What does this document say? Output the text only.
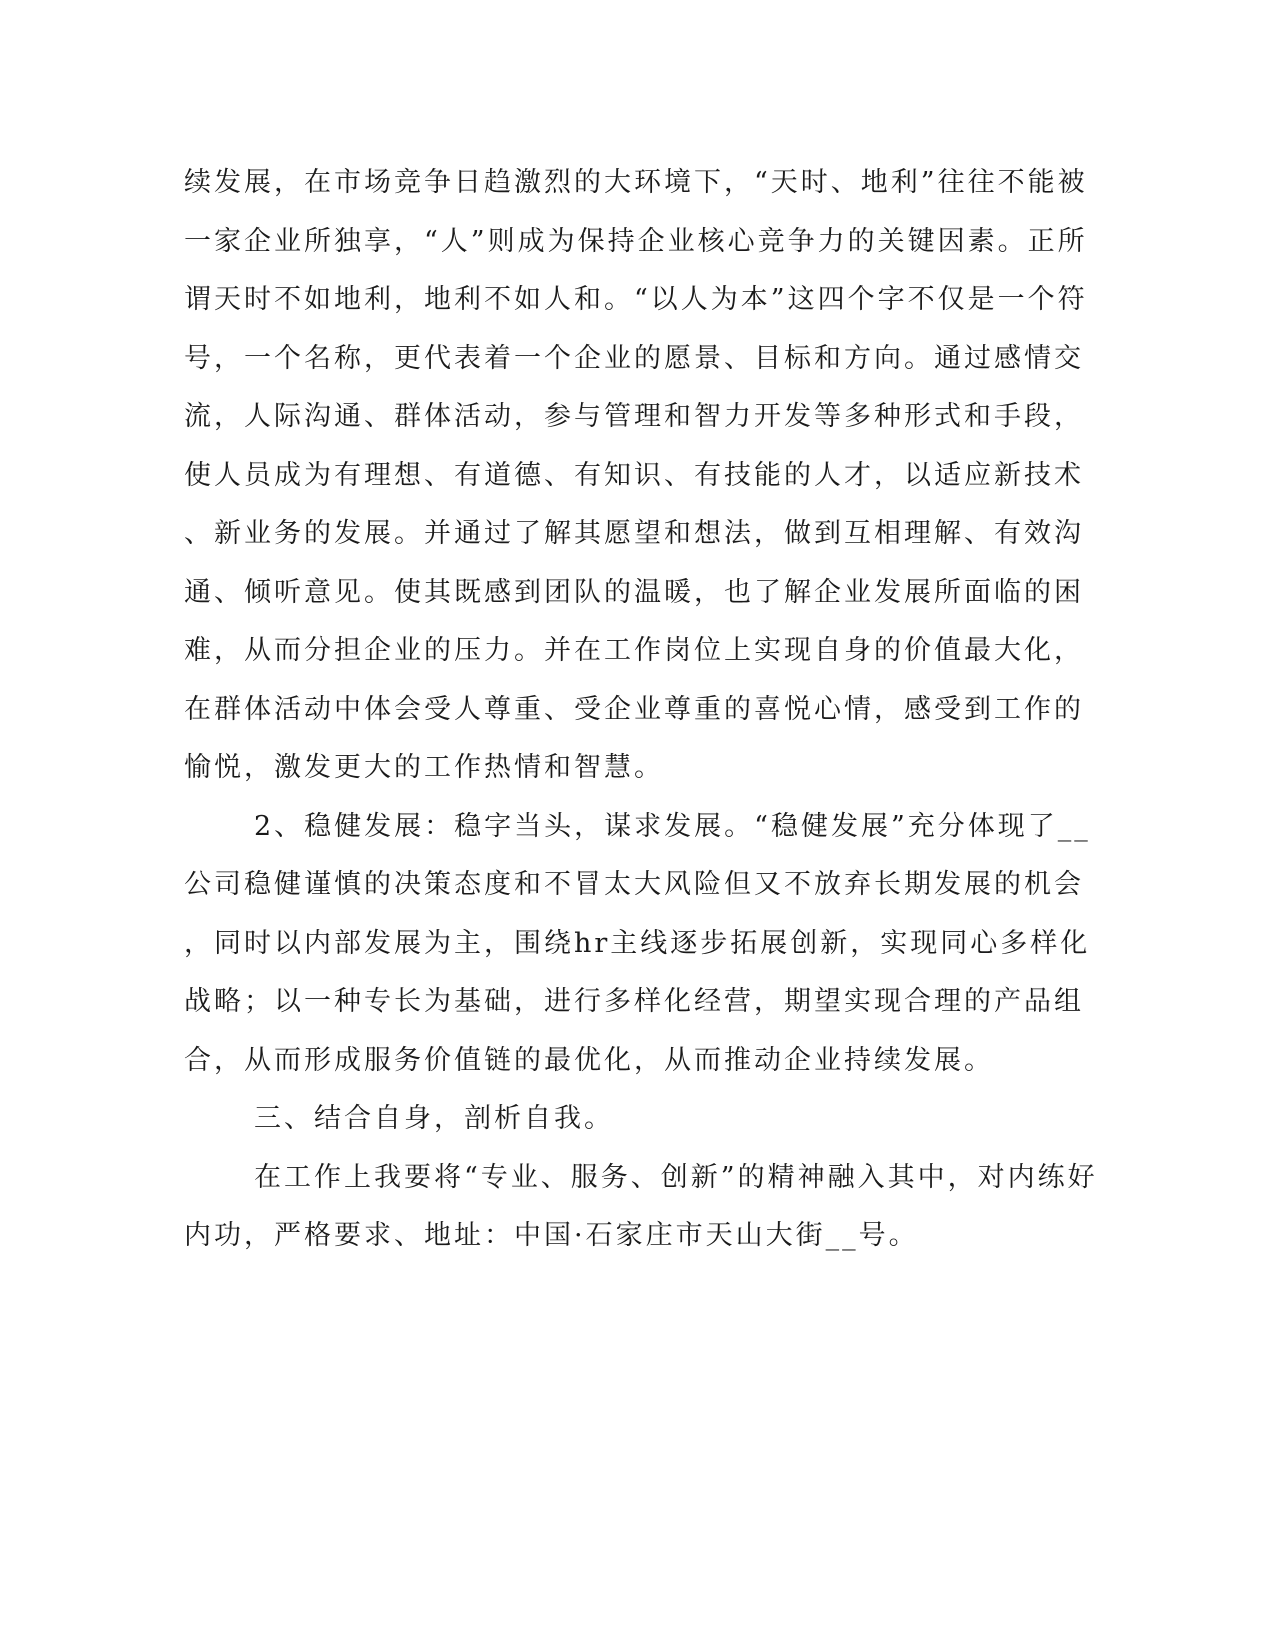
续发展，在市场竞争日趋激烈的大环境下，“天时、地利”往往不能被
一家企业所独享，“人”则成为保持企业核心竞争力的关键因素。正所
谓天时不如地利，地利不如人和。“以人为本”这四个字不仅是一个符
号，一个名称，更代表着一个企业的愿景、目标和方向。通过感情交
流，人际沟通、群体活动，参与管理和智力开发等多种形式和手段，
使人员成为有理想、有道德、有知识、有技能的人才，以适应新技术
、新业务的发展。并通过了解其愿望和想法，做到互相理解、有效沟
通、倾听意见。使其既感到团队的温暖，也了解企业发展所面临的困
难，从而分担企业的压力。并在工作岗位上实现自身的价值最大化，
在群体活动中体会受人尊重、受企业尊重的喜悦心情，感受到工作的
愉悦，激发更大的工作热情和智慧。
2、稳健发展：稳字当头，谋求发展。“稳健发展”充分体现了__
公司稳健谨慎的决策态度和不冒太大风险但又不放弃长期发展的机会
，同时以内部发展为主，围绕hr主线逐步拓展创新，实现同心多样化
战略；以一种专长为基础，进行多样化经营，期望实现合理的产品组
合，从而形成服务价值链的最优化，从而推动企业持续发展。
三、结合自身，剖析自我。
在工作上我要将“专业、服务、创新”的精神融入其中，对内练好
内功，严格要求、地址：中国·石家庄市天山大街__号。
